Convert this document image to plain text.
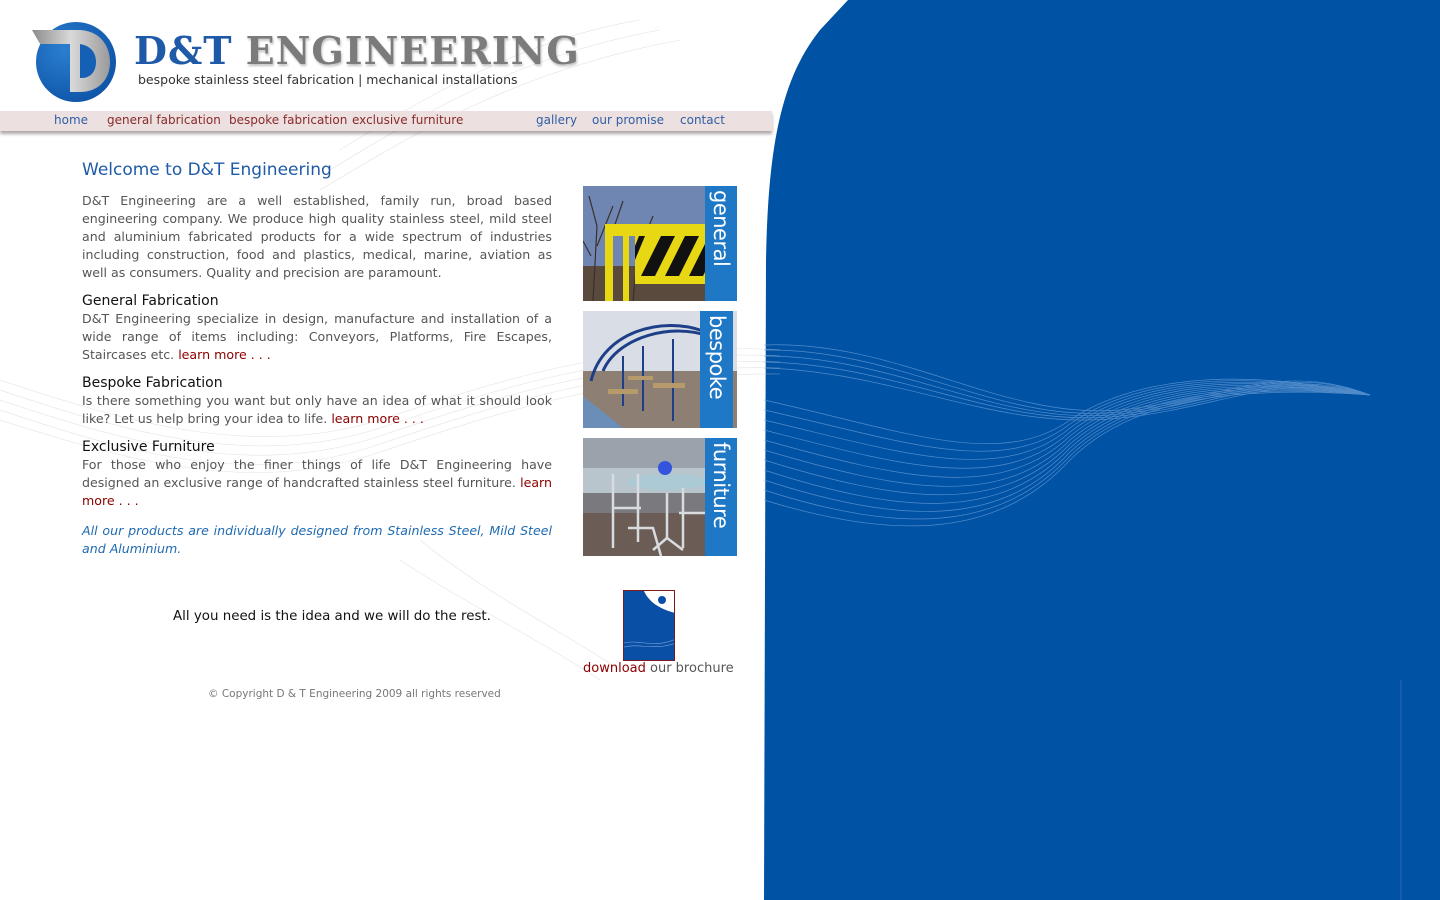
D&T ENGINEERING
bespoke stainless steel fabrication | mechanical installations
home general fabrication bespoke fabrication exclusive furniture	gallery our promise contact
Welcome to D&T Engineering

D&T Engineering are a well established, family run, broad based engineering company. We produce high quality stainless steel, mild steel and aluminium fabricated products for a wide spectrum of industries including construction, food and plastics, medical, marine, aviation as well as consumers. Quality and precision are paramount.

General Fabrication

D&T Engineering specialize in design, manufacture and installation of a wide range of items including: Conveyors, Platforms, Fire Escapes, Staircases etc. learn more . . .

Bespoke Fabrication

Is there something you want but only have an idea of what it should look like? Let us help bring your idea to life. learn more . . .

Exclusive Furniture

For those who enjoy the finer things of life D&T Engineering have designed an exclusive range of handcrafted stainless steel furniture. learn more . . .

All our products are individually designed from Stainless Steel, Mild Steel and Aluminium.

All you need is the idea and we will do the rest.
general
bespoke
furniture
download our brochure
© Copyright D & T Engineering 2009 all rights reserved
